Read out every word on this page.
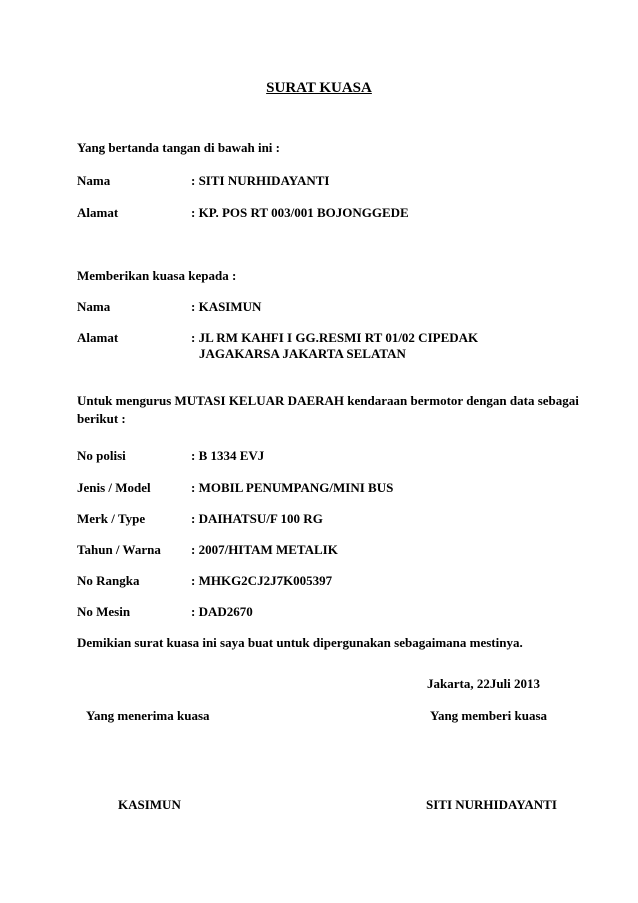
SURAT KUASA
Yang bertanda tangan di bawah ini :
Nama	: SITI NURHIDAYANTI
Alamat	: KP. POS RT 003/001 BOJONGGEDE
Memberikan kuasa kepada :
Nama	: KASIMUN
Alamat	: JL RM KAHFI I GG.RESMI RT 01/02 CIPEDAK
JAGAKARSA JAKARTA SELATAN
Untuk mengurus MUTASI KELUAR DAERAH kendaraan bermotor dengan data sebagai berikut :
No polisi	: B 1334 EVJ
Jenis / Model	: MOBIL PENUMPANG/MINI BUS
Merk / Type	: DAIHATSU/F 100 RG
Tahun / Warna : 2007/HITAM METALIK
No Rangka	: MHKG2CJ2J7K005397
No Mesin	: DAD2670
Demikian surat kuasa ini saya buat untuk dipergunakan sebagaimana mestinya.
Jakarta, 22Juli 2013
Yang menerima kuasa	Yang memberi kuasa
KASIMUN	SITI NURHIDAYANTI
